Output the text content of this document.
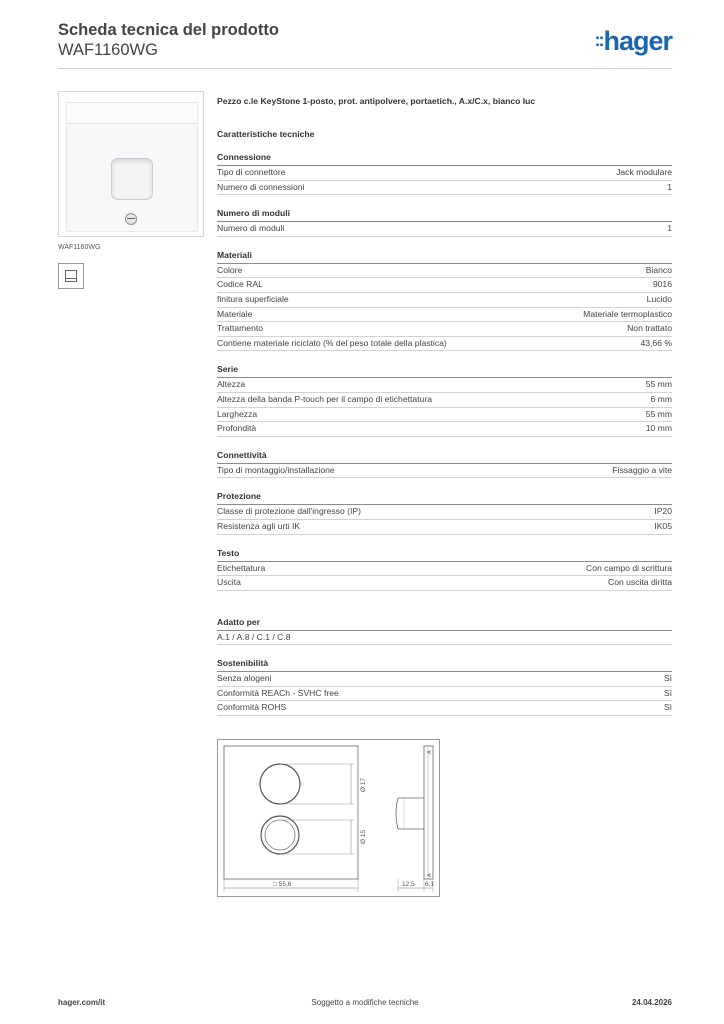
Scheda tecnica del prodotto
WAF1160WG	::hager
WAF1160WG
Pezzo c.le KeyStone 1-posto, prot. antipolvere, portaetich., A.x/C.x, bianco luc
Caratteristiche tecniche
Connessione
Tipo di connettore	Jack modulare
Numero di connessioni	1
Numero di moduli
Numero di moduli	1
Materiali
Colore	Bianco
Codice RAL	9016
finitura superficiale	Lucido
Materiale	Materiale termoplastico
Trattamento	Non trattato
Contiene materiale riciclato (% del peso totale della plastica)	43,66 %
Serie
Altezza	55 mm
Altezza della banda P-touch per il campo di etichettatura	6 mm
Larghezza	55 mm
Profondità	10 mm
Connettività
Tipo di montaggio/installazione	Fissaggio a vite
Protezione
Classe di protezione dall'ingresso (IP)	IP20
Resistenza agli urti IK	IK05
Testo
Etichettatura	Con campo di scrittura
Uscita	Con uscita diritta
Adatto per
A.1 / A.8 / C.1 / C.8
Sostenibilità
Senza alogeni	Sì
Conformità REACh - SVHC free	Sì
Conformità ROHS	Sì
Ø 17
Ø 15
□ 55,6
A
A
12,5 6,1
hager.com/it	Soggetto a modifiche tecniche	24.04.2026
